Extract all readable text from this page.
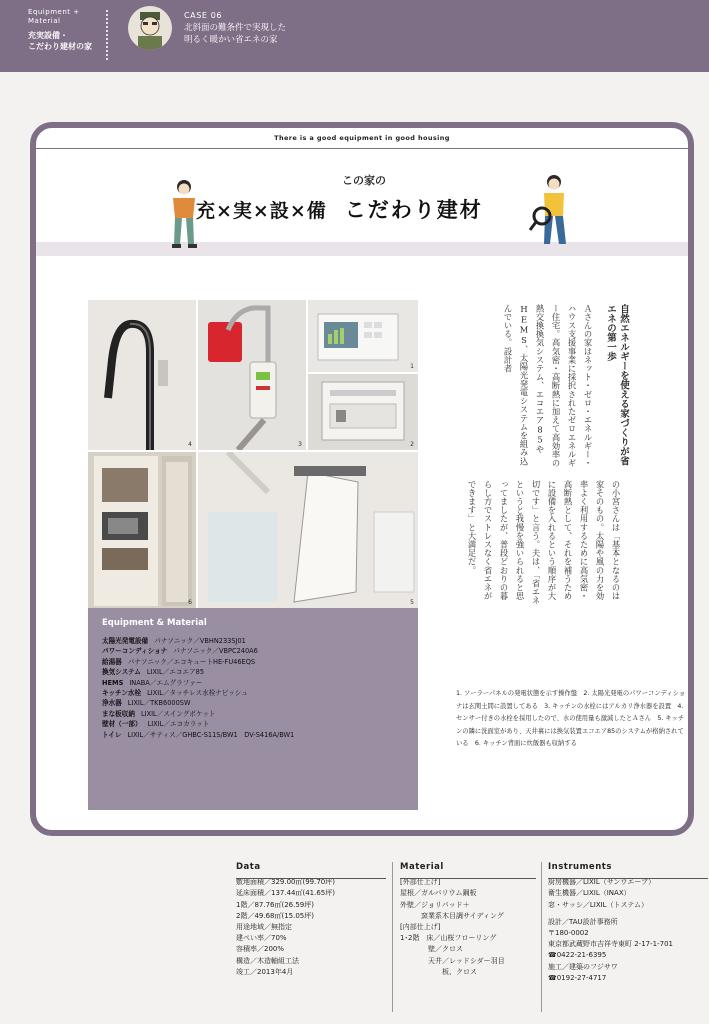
Equipment +
Material
充実設備・
こだわり建材の家
CASE 06
北斜面の難条件で実現した
明るく暖かい省エネの家
There is a good equipment in good housing
この家の
充×実×設×備 こだわり建材
4	3
1
2
6	5
自然エネルギーを使える家づくりが省エネの第一歩
Ａさんの家はネット・ゼロ・エネルギー・ハウス支援事業に採択されたゼロエネルギー住宅。高気密・高断熱に加えて高効率の熱交換換気システム、エコエア85やHEMS、太陽光発電システムを組み込んでいる。設計者
の小宮さんは「基本となるのは家そのもの。太陽や風の力を効率よく利用するために高気密・高断熱として、それを補うために設備を入れるという順序が大切です」と言う。夫は、「省エネというと我慢を強いられると思ってましたが、普段どおりの暮らし方でストレスなく省エネができます」と大満足だ。
Equipment & Material
太陽光発電設備 パナソニック／VBHN233SJ01
パワーコンディショナ パナソニック／VBPC240A6
給湯器 パナソニック／エコキュートHE-FU46EQS
換気システム LIXIL／エコエア85
HEMS INABA／エムグラファー
キッチン水栓 LIXIL／タッチレス水栓ナビッシュ
浄水器 LIXIL／TKB6000SW
まな板収納 LIXIL／スイングポケット
壁材（一部） LIXIL／エコカラット
トイレ LIXIL／サティス／GHBC-S11S/BW1　DV-S416A/BW1
1. ソーラーパネルの発電状態を示す操作盤　2. 太陽光発電のパワーコンディショナは玄関土間に設置してある　3. キッチンの水栓にはアルカリ浄水器を設置　4. センサー付きの水栓を採用したので、水の使用量も激減したとＡさん　5. キッチンの隣に洗面室があり、天井裏には換気装置エコエア85のシステムが格納されている　6. キッチン背面に炊飯器も収納する
Data
敷地面積／329.00㎡(99.70坪)
延床面積／137.44㎡(41.65坪)
1階／87.76㎡(26.59坪)
2階／49.68㎡(15.05坪)
用途地域／無指定
建ぺい率／70%
容積率／200%
構造／木造軸組工法
竣工／2013年4月
Material
[外部仕上げ]
屋根／ガルバリウム鋼板
外壁／ジョリパッド＋
　　　窯業系木目調サイディング
[内部仕上げ]
1･2階　床／山桜フローリング
　　　　壁／クロス
　　　　天井／レッドシダー羽目
　　　　　　板、クロス
Instruments
厨房機器／LIXIL（サンウエーブ）
衛生機器／LIXIL（INAX）
窓・サッシ／LIXIL（トステム）
設計／TAU設計事務所
〒180-0002
東京都武蔵野市吉祥寺東町 2-17-1-701
☎0422-21-6395
施工／建築のフジサワ
☎0192-27-4717
